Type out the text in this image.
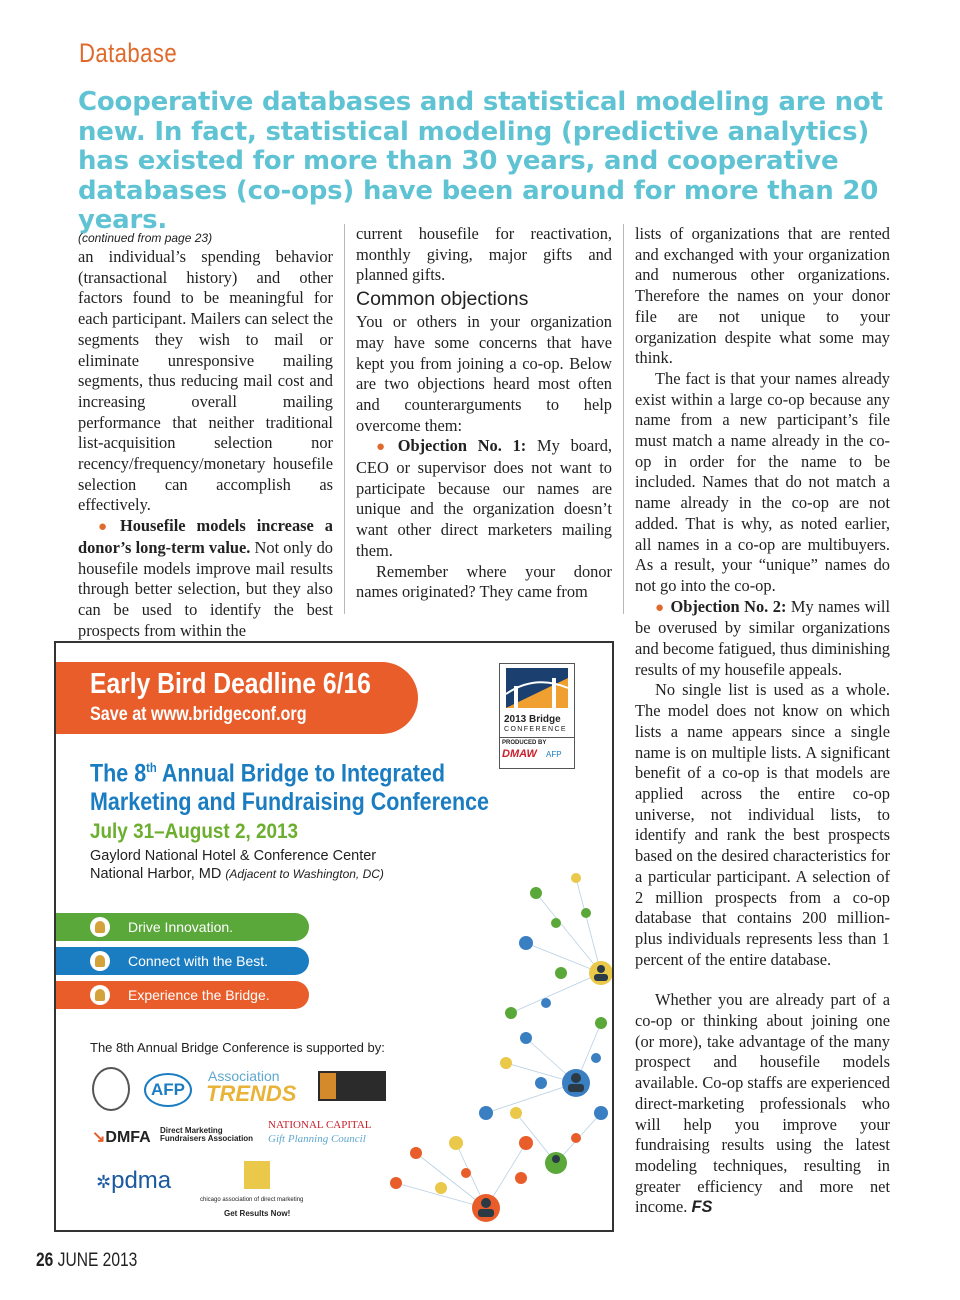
Database
Cooperative databases and statistical modeling are not new. In fact, statistical modeling (predictive analytics) has existed for more than 30 years, and cooperative databases (co-ops) have been around for more than 20 years.

(continued from page 23)

an individual’s spending behavior (transactional history) and other factors found to be meaningful for each participant. Mailers can select the segments they wish to mail or eliminate unresponsive mailing segments, thus reducing mail cost and increasing overall mailing performance that neither traditional list-acquisition selection nor recency/frequency/monetary housefile selection can accomplish as effectively.

● Housefile models increase a donor’s long-term value. Not only do housefile models improve mail results through better selection, but they also can be used to identify the best prospects from within the

current housefile for reactivation, monthly giving, major gifts and planned gifts.

Common objections

You or others in your organization may have some concerns that have kept you from joining a co-op. Below are two objections heard most often and counterarguments to help overcome them:

● Objection No. 1: My board, CEO or supervisor does not want to participate because our names are unique and the organization doesn’t want other direct marketers mailing them.

Remember where your donor names originated? They came from

lists of organizations that are rented and exchanged with your organization and numerous other organizations. Therefore the names on your donor file are not unique to your organization despite what some may think.

The fact is that your names already exist within a large co-op because any name from a new participant’s file must match a name already in the co-op in order for the name to be included. Names that do not match a name already in the co-op are not added. That is why, as noted earlier, all names in a co-op are multibuyers. As a result, your “unique” names do not go into the co-op.

● Objection No. 2: My names will be overused by similar organizations and become fatigued, thus diminishing results of my housefile appeals.

No single list is used as a whole. The model does not know on which lists a name appears since a single name is on multiple lists. A significant benefit of a co-op is that models are applied across the entire co-op universe, not individual lists, to identify and rank the best prospects based on the desired characteristics for a particular participant. A selection of 2 million prospects from a co-op database that contains 200 million-plus individuals represents less than 1 percent of the entire database.

Whether you are already part of a co-op or thinking about joining one (or more), take advantage of the many prospect and housefile models available. Co-op staffs are experienced direct-marketing professionals who will help you improve your fundraising results using the latest modeling techniques, resulting in greater efficiency and more net income. FS

Early Bird Deadline 6/16
Save at www.bridgeconf.org	2013 Bridge
CONFERENCE
PRODUCED BY
DMAW AFP
The 8th Annual Bridge to Integrated
Marketing and Fundraising Conference
July 31–August 2, 2013
Gaylord National Hotel & Conference Center
National Harbor, MD (Adjacent to Washington, DC)
Drive Innovation.
Connect with the Best.
Experience the Bridge.
The 8th Annual Bridge Conference is supported by:
AFP
Association
TRENDS
↘DMFA Direct Marketing
Fundraisers Association
NATIONAL CAPITAL
Gift Planning Council
✲pdma
chicago association of direct marketing
Get Results Now!
26 JUNE 2013
